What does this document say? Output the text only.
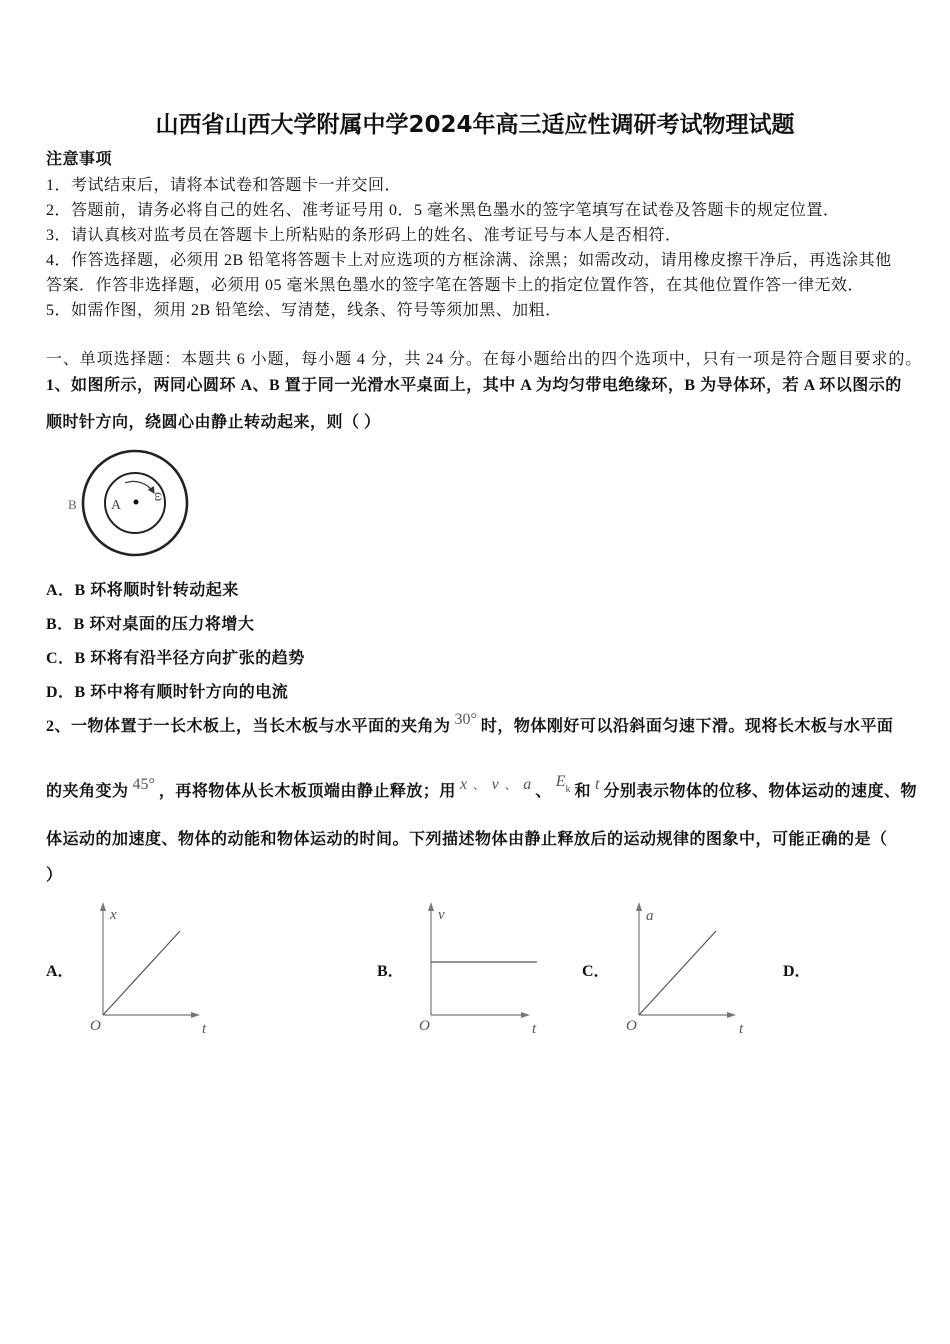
山西省山西大学附属中学2024年高三适应性调研考试物理试题
注意事项
1．考试结束后，请将本试卷和答题卡一并交回．
2．答题前，请务必将自己的姓名、准考证号用 0．5 毫米黑色墨水的签字笔填写在试卷及答题卡的规定位置．
3．请认真核对监考员在答题卡上所粘贴的条形码上的姓名、准考证号与本人是否相符．
4．作答选择题，必须用 2B 铅笔将答题卡上对应选项的方框涂满、涂黑；如需改动，请用橡皮擦干净后，再选涂其他
答案．作答非选择题，必须用 05 毫米黑色墨水的签字笔在答题卡上的指定位置作答，在其他位置作答一律无效．
5．如需作图，须用 2B 铅笔绘、写清楚，线条、符号等须加黑、加粗．
一、单项选择题：本题共 6 小题，每小题 4 分，共 24 分。在每小题给出的四个选项中，只有一项是符合题目要求的。
1、如图所示，两同心圆环 A、B 置于同一光滑水平桌面上，其中 A 为均匀带电绝缘环，B 为导体环，若 A 环以图示的
顺时针方向，绕圆心由静止转动起来，则（ ）
B A
ω
A．B 环将顺时针转动起来
B．B 环对桌面的压力将增大
C．B 环将有沿半径方向扩张的趋势
D．B 环中将有顺时针方向的电流
2、一物体置于一长木板上，当长木板与水平面的夹角为 30° 时，物体刚好可以沿斜面匀速下滑。现将长木板与水平面
的夹角变为 45° ，再将物体从长木板顶端由静止释放；用 x 、 v 、 a 、
$E_k$ 和 t 分别表示物体的位移、物体运动的速度、物
体运动的加速度、物体的动能和物体运动的时间。下列描述物体由静止释放后的运动规律的图象中，可能正确的是（
）
A．	B．	C．	D．
x
O	t
v
O	t
a
O	t
